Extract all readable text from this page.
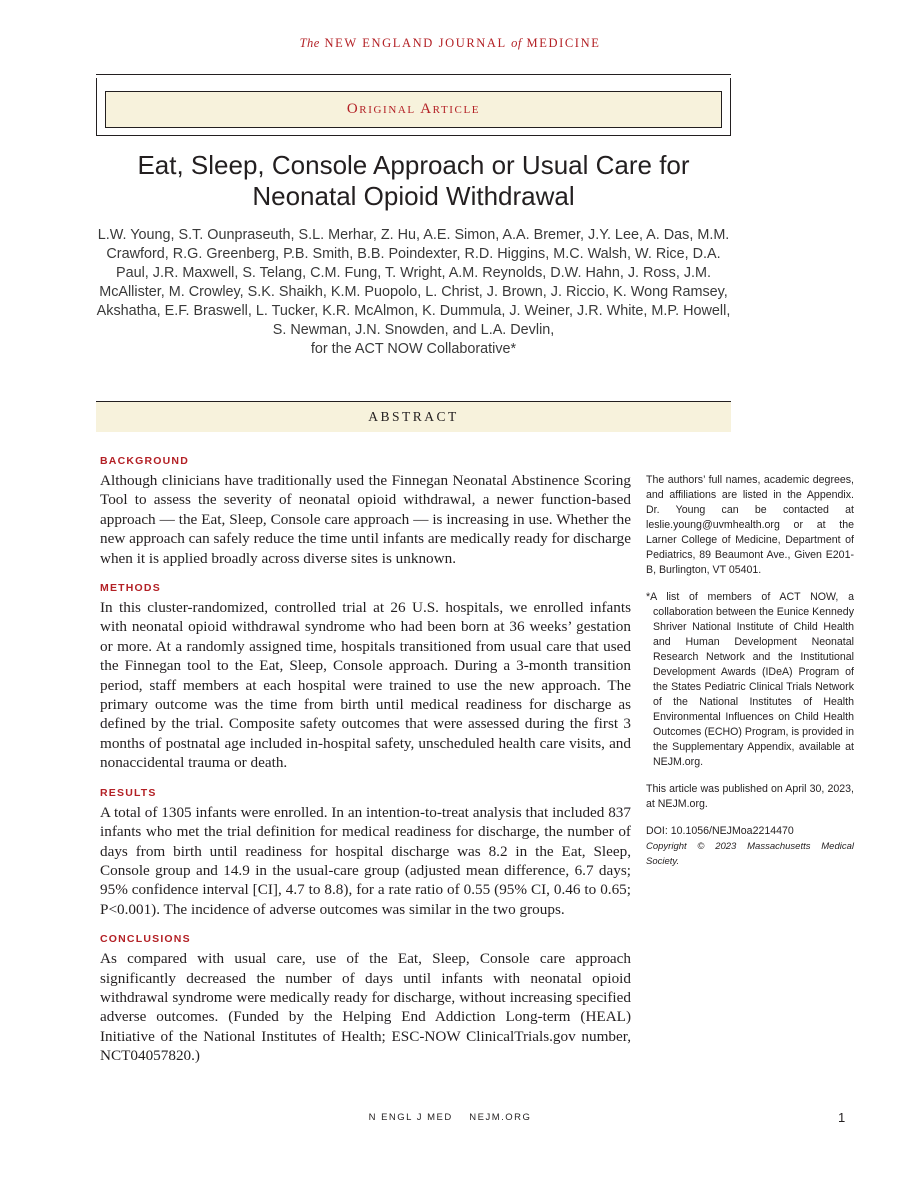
The NEW ENGLAND JOURNAL of MEDICINE
Original Article
Eat, Sleep, Console Approach or Usual Care for Neonatal Opioid Withdrawal
L.W. Young, S.T. Ounpraseuth, S.L. Merhar, Z. Hu, A.E. Simon, A.A. Bremer, J.Y. Lee, A. Das, M.M. Crawford, R.G. Greenberg, P.B. Smith, B.B. Poindexter, R.D. Higgins, M.C. Walsh, W. Rice, D.A. Paul, J.R. Maxwell, S. Telang, C.M. Fung, T. Wright, A.M. Reynolds, D.W. Hahn, J. Ross, J.M. McAllister, M. Crowley, S.K. Shaikh, K.M. Puopolo, L. Christ, J. Brown, J. Riccio, K. Wong Ramsey, Akshatha, E.F. Braswell, L. Tucker, K.R. McAlmon, K. Dummula, J. Weiner, J.R. White, M.P. Howell, S. Newman, J.N. Snowden, and L.A. Devlin,
for the ACT NOW Collaborative*
ABSTRACT

BACKGROUND

Although clinicians have traditionally used the Finnegan Neonatal Abstinence Scoring Tool to assess the severity of neonatal opioid withdrawal, a newer function-based approach — the Eat, Sleep, Console care approach — is increasing in use. Whether the new approach can safely reduce the time until infants are medically ready for discharge when it is applied broadly across diverse sites is unknown.

METHODS

In this cluster-randomized, controlled trial at 26 U.S. hospitals, we enrolled infants with neonatal opioid withdrawal syndrome who had been born at 36 weeks’ gestation or more. At a randomly assigned time, hospitals transitioned from usual care that used the Finnegan tool to the Eat, Sleep, Console approach. During a 3-month transition period, staff members at each hospital were trained to use the new approach. The primary outcome was the time from birth until medical readiness for discharge as defined by the trial. Composite safety outcomes that were assessed during the first 3 months of postnatal age included in-hospital safety, unscheduled health care visits, and nonaccidental trauma or death.

RESULTS

A total of 1305 infants were enrolled. In an intention-to-treat analysis that included 837 infants who met the trial definition for medical readiness for discharge, the number of days from birth until readiness for hospital discharge was 8.2 in the Eat, Sleep, Console group and 14.9 in the usual-care group (adjusted mean difference, 6.7 days; 95% confidence interval [CI], 4.7 to 8.8), for a rate ratio of 0.55 (95% CI, 0.46 to 0.65; P<0.001). The incidence of adverse outcomes was similar in the two groups.

CONCLUSIONS

As compared with usual care, use of the Eat, Sleep, Console care approach significantly decreased the number of days until infants with neonatal opioid withdrawal syndrome were medically ready for discharge, without increasing specified adverse outcomes. (Funded by the Helping End Addiction Long-term (HEAL) Initiative of the National Institutes of Health; ESC-NOW ClinicalTrials.gov number, NCT04057820.)

The authors’ full names, academic degrees, and affiliations are listed in the Appendix. Dr. Young can be contacted at leslie.young@uvmhealth.org or at the Larner College of Medicine, Department of Pediatrics, 89 Beaumont Ave., Given E201-B, Burlington, VT 05401.

*A list of members of ACT NOW, a collaboration between the Eunice Kennedy Shriver National Institute of Child Health and Human Development Neonatal Research Network and the Institutional Development Awards (IDeA) Program of the States Pediatric Clinical Trials Network of the National Institutes of Health Environmental Influences on Child Health Outcomes (ECHO) Program, is provided in the Supplementary Appendix, available at NEJM.org.

This article was published on April 30, 2023, at NEJM.org.

DOI: 10.1056/NEJMoa2214470

Copyright © 2023 Massachusetts Medical Society.

N ENGL J MED    NEJM.ORG	1
